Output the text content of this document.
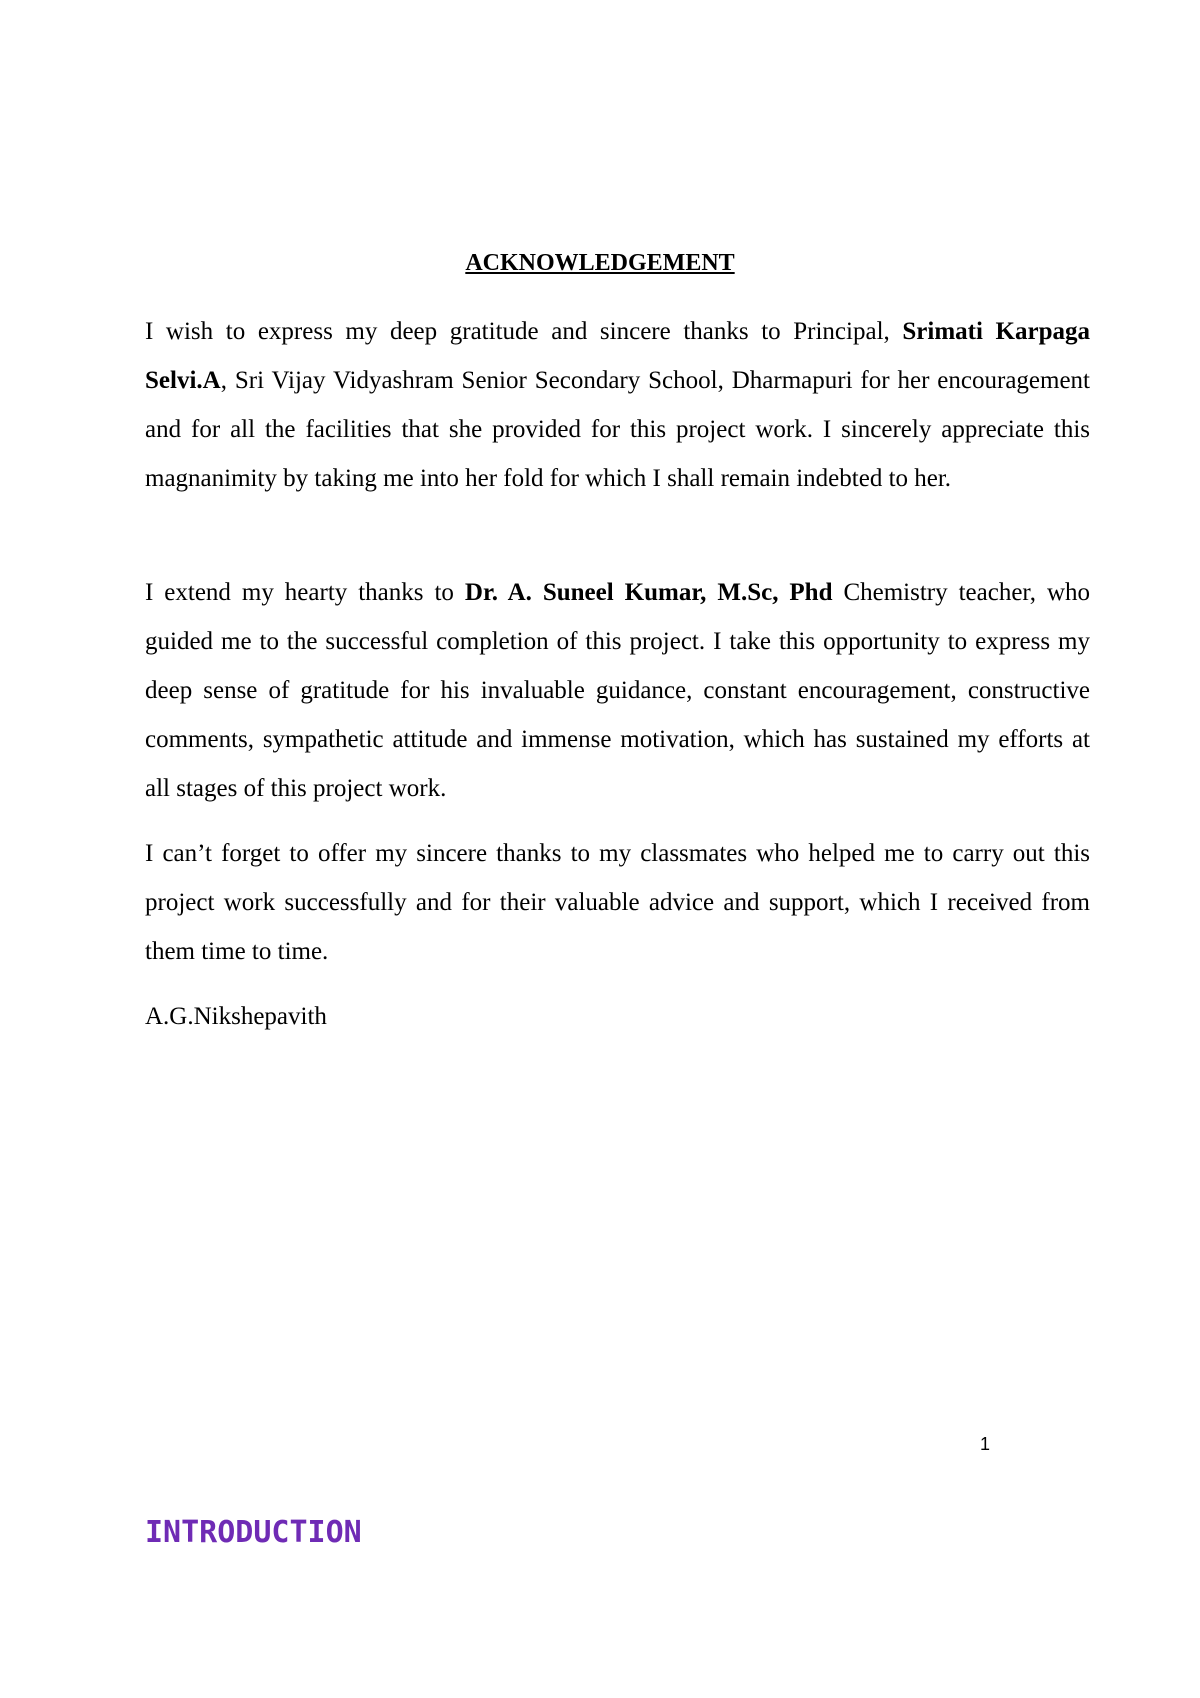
ACKNOWLEDGEMENT

I wish to express my deep gratitude and sincere thanks to Principal, Srimati Karpaga Selvi.A, Sri Vijay Vidyashram Senior Secondary School, Dharmapuri for her encouragement and for all the facilities that she provided for this project work. I sincerely appreciate this magnanimity by taking me into her fold for which I shall remain indebted to her.

I extend my hearty thanks to Dr. A. Suneel Kumar, M.Sc, Phd Chemistry teacher, who guided me to the successful completion of this project. I take this opportunity to express my deep sense of gratitude for his invaluable guidance, constant encouragement, constructive comments, sympathetic attitude and immense motivation, which has sustained my efforts at all stages of this project work.

I can’t forget to offer my sincere thanks to my classmates who helped me to carry out this project work successfully and for their valuable advice and support, which I received from them time to time.

A.G.Nikshepavith

1
INTRODUCTION
